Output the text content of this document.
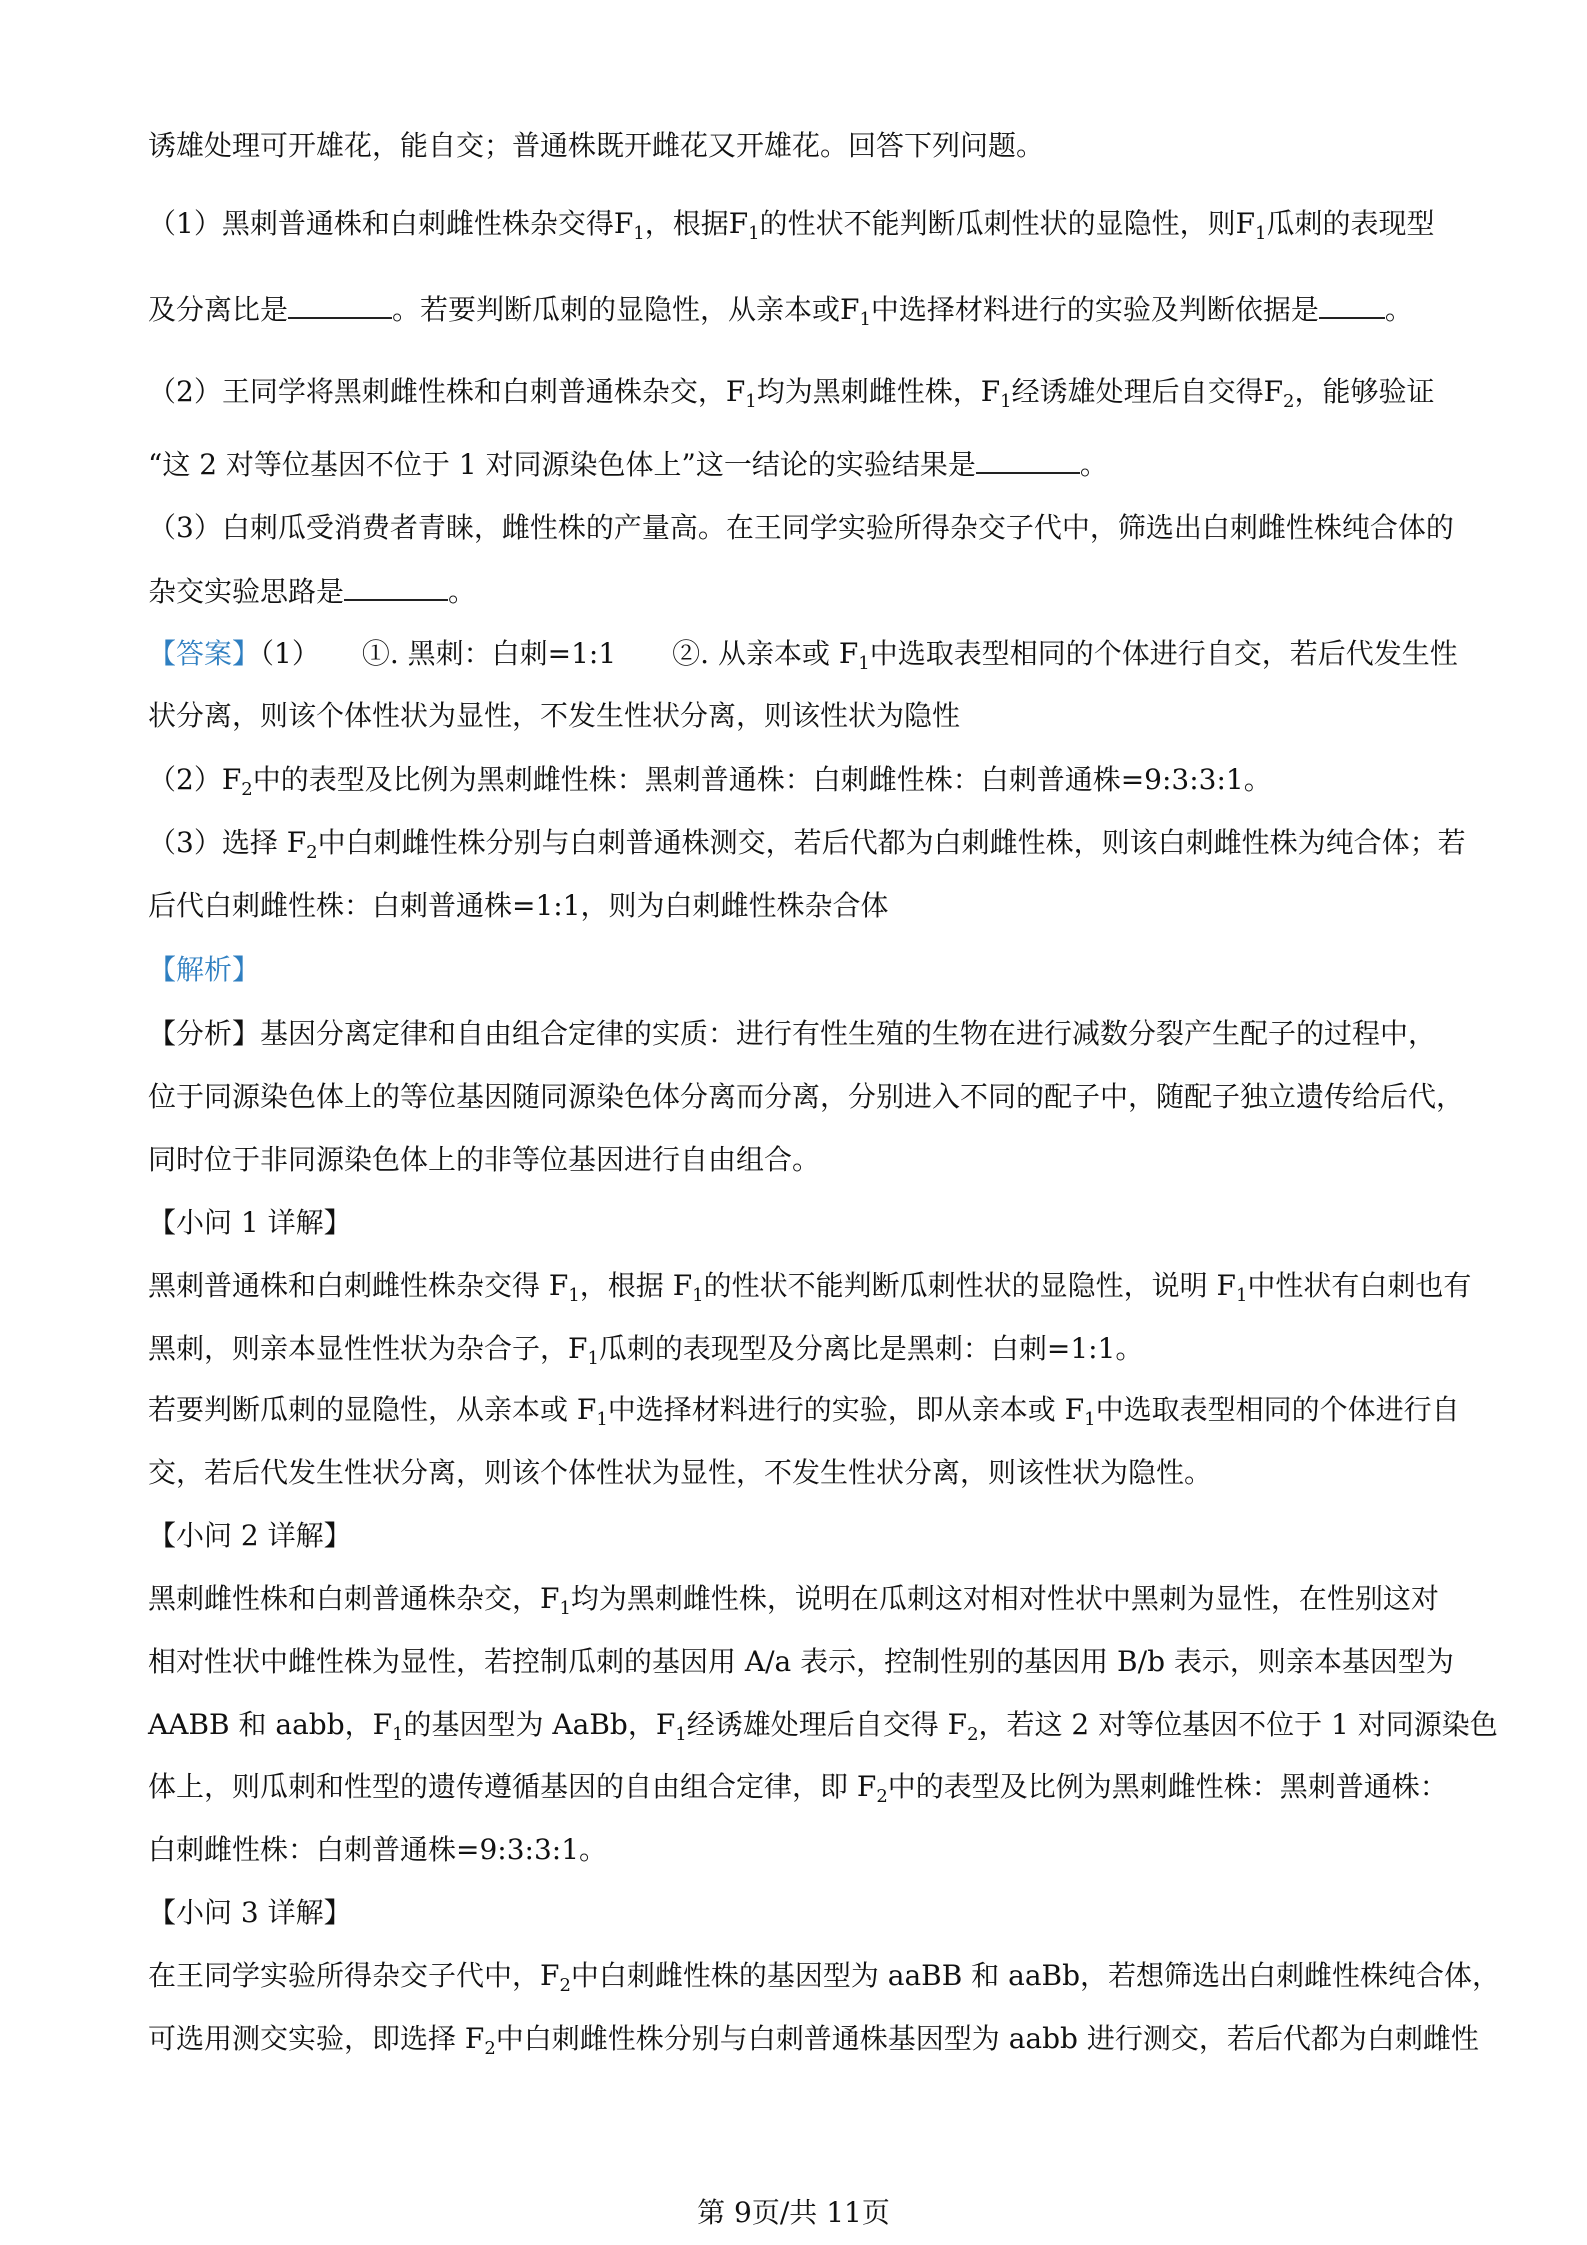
诱雄处理可开雄花，能自交；普通株既开雌花又开雄花。回答下列问题。

（1）黑刺普通株和白刺雌性株杂交得$F_1$，根据$F_1$的性状不能判断瓜刺性状的显隐性，则$F_1$瓜刺的表现型

及分离比是	。若要判断瓜刺的显隐性，从亲本或$F_1$中选择材料进行的实验及判断依据是 。

（2）王同学将黑刺雌性株和白刺普通株杂交，$F_1$均为黑刺雌性株，$F_1$经诱雄处理后自交得$F_2$，能够验证

“这 2 对等位基因不位于 1 对同源染色体上”这一结论的实验结果是	。

（3）白刺瓜受消费者青睐，雌性株的产量高。在王同学实验所得杂交子代中，筛选出白刺雌性株纯合体的

杂交实验思路是	。

【答案】（1）　　①. 黑刺：白刺=1:1　　②. 从亲本或 $F_1$中选取表型相同的个体进行自交，若后代发生性

状分离，则该个体性状为显性，不发生性状分离，则该性状为隐性

$(2)F_2$中的表型及比例为黑刺雌性株：黑刺普通株：白刺雌性株：白刺普通株=9:3:3:1。

（3）选择 $F_2$中白刺雌性株分别与白刺普通株测交，若后代都为白刺雌性株，则该白刺雌性株为纯合体；若

后代白刺雌性株：白刺普通株=1:1，则为白刺雌性株杂合体

【解析】

【分析】基因分离定律和自由组合定律的实质：进行有性生殖的生物在进行减数分裂产生配子的过程中，

位于同源染色体上的等位基因随同源染色体分离而分离，分别进入不同的配子中，随配子独立遗传给后代，

同时位于非同源染色体上的非等位基因进行自由组合。

【小问 1 详解】

黑刺普通株和白刺雌性株杂交得 $F_1$，根据 $F_1$的性状不能判断瓜刺性状的显隐性，说明 $F_1$中性状有白刺也有

黑刺，则亲本显性性状为杂合子，$F_1$瓜刺的表现型及分离比是黑刺：白刺=1:1。

若要判断瓜刺的显隐性，从亲本或 $F_1$中选择材料进行的实验，即从亲本或 $F_1$中选取表型相同的个体进行自

交，若后代发生性状分离，则该个体性状为显性，不发生性状分离，则该性状为隐性。

【小问 2 详解】

黑刺雌性株和白刺普通株杂交，$F_1$均为黑刺雌性株，说明在瓜刺这对相对性状中黑刺为显性，在性别这对

相对性状中雌性株为显性，若控制瓜刺的基因用 A/a 表示，控制性别的基因用 B/b 表示，则亲本基因型为

AABB 和 aabb，$F_1$的基因型为 AaBb，$F_1$经诱雄处理后自交得 $F_2$，若这 2 对等位基因不位于 1 对同源染色

体上，则瓜刺和性型的遗传遵循基因的自由组合定律，即 $F_2$中的表型及比例为黑刺雌性株：黑刺普通株：

白刺雌性株：白刺普通株=9:3:3:1。

【小问 3 详解】

在王同学实验所得杂交子代中，$F_2$中白刺雌性株的基因型为 aaBB 和 aaBb，若想筛选出白刺雌性株纯合体，

可选用测交实验，即选择 $F_2$中白刺雌性株分别与白刺普通株基因型为 aabb 进行测交，若后代都为白刺雌性

第 9页/共 11页
